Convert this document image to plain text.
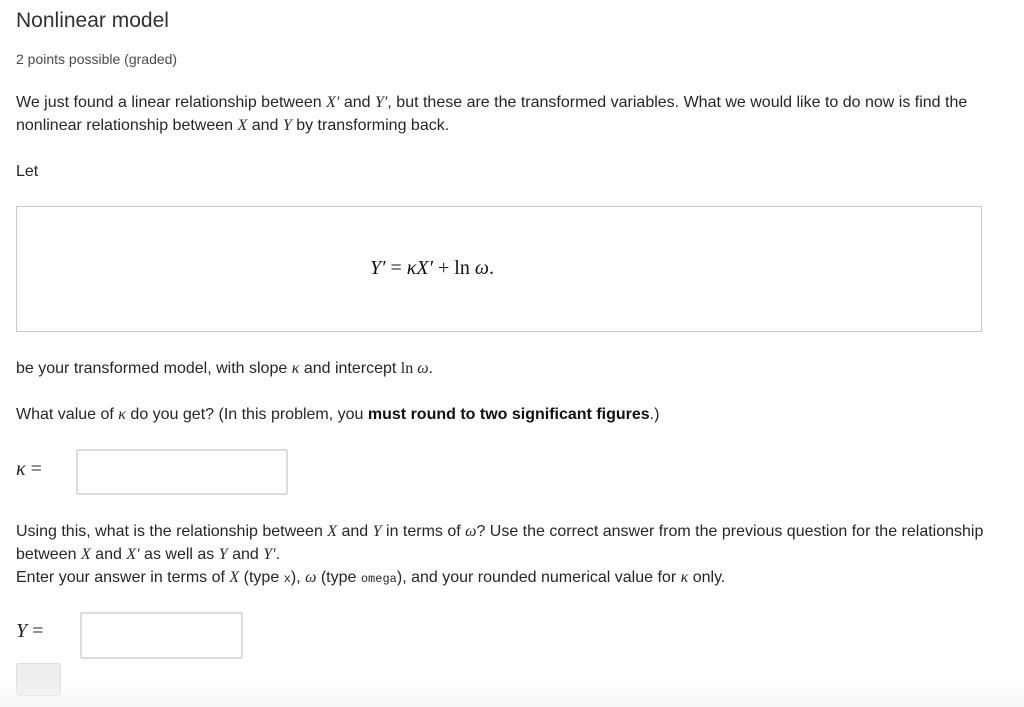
Nonlinear model
2 points possible (graded)

We just found a linear relationship between X′ and Y′, but these are the transformed variables. What we would like to do now is find the nonlinear relationship between X and Y by transforming back.

Let

Y′ = κX′ + ln ω.

be your transformed model, with slope κ and intercept ln ω.

What value of κ do you get? (In this problem, you must round to two significant figures.)

κ =

Using this, what is the relationship between X and Y in terms of ω? Use the correct answer from the previous question for the relationship between X and X′ as well as Y and Y′.
Enter your answer in terms of X (type x), ω (type omega), and your rounded numerical value for κ only.

Y =
